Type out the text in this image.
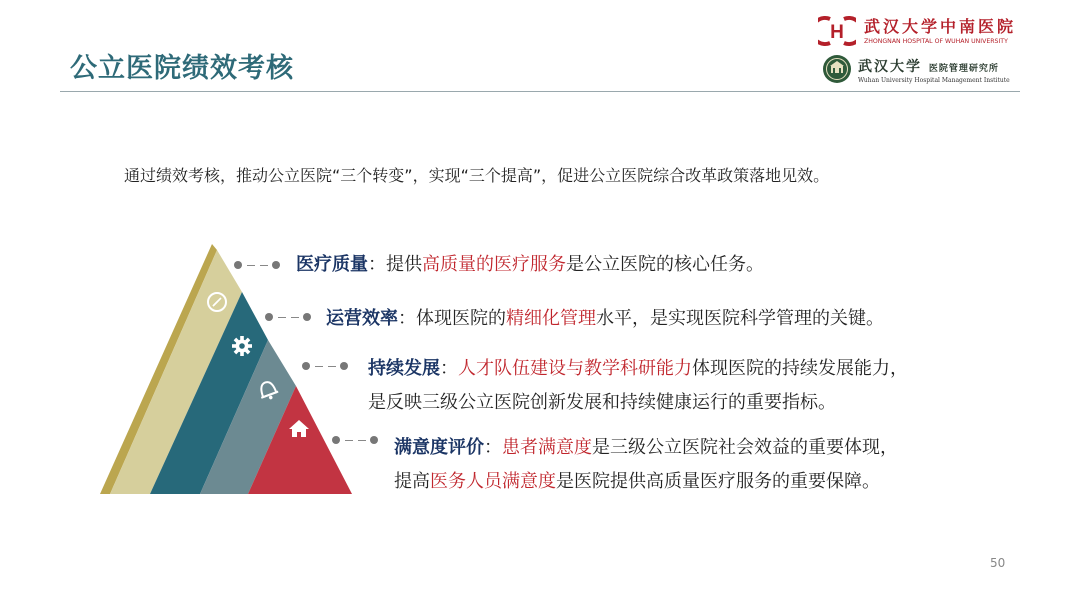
公立医院绩效考核
H 武汉大学中南医院
ZHONGNAN HOSPITAL OF WUHAN UNIVERSITY
武汉大学 医院管理研究所
Wuhan University Hospital Management Institute
通过绩效考核，推动公立医院“三个转变”，实现“三个提高”，促进公立医院综合改革政策落地见效。
医疗质量：提供高质量的医疗服务是公立医院的核心任务。
运营效率：体现医院的精细化管理水平，是实现医院科学管理的关键。
持续发展：人才队伍建设与教学科研能力体现医院的持续发展能力，
是反映三级公立医院创新发展和持续健康运行的重要指标。
满意度评价：患者满意度是三级公立医院社会效益的重要体现，
提高医务人员满意度是医院提供高质量医疗服务的重要保障。
50
